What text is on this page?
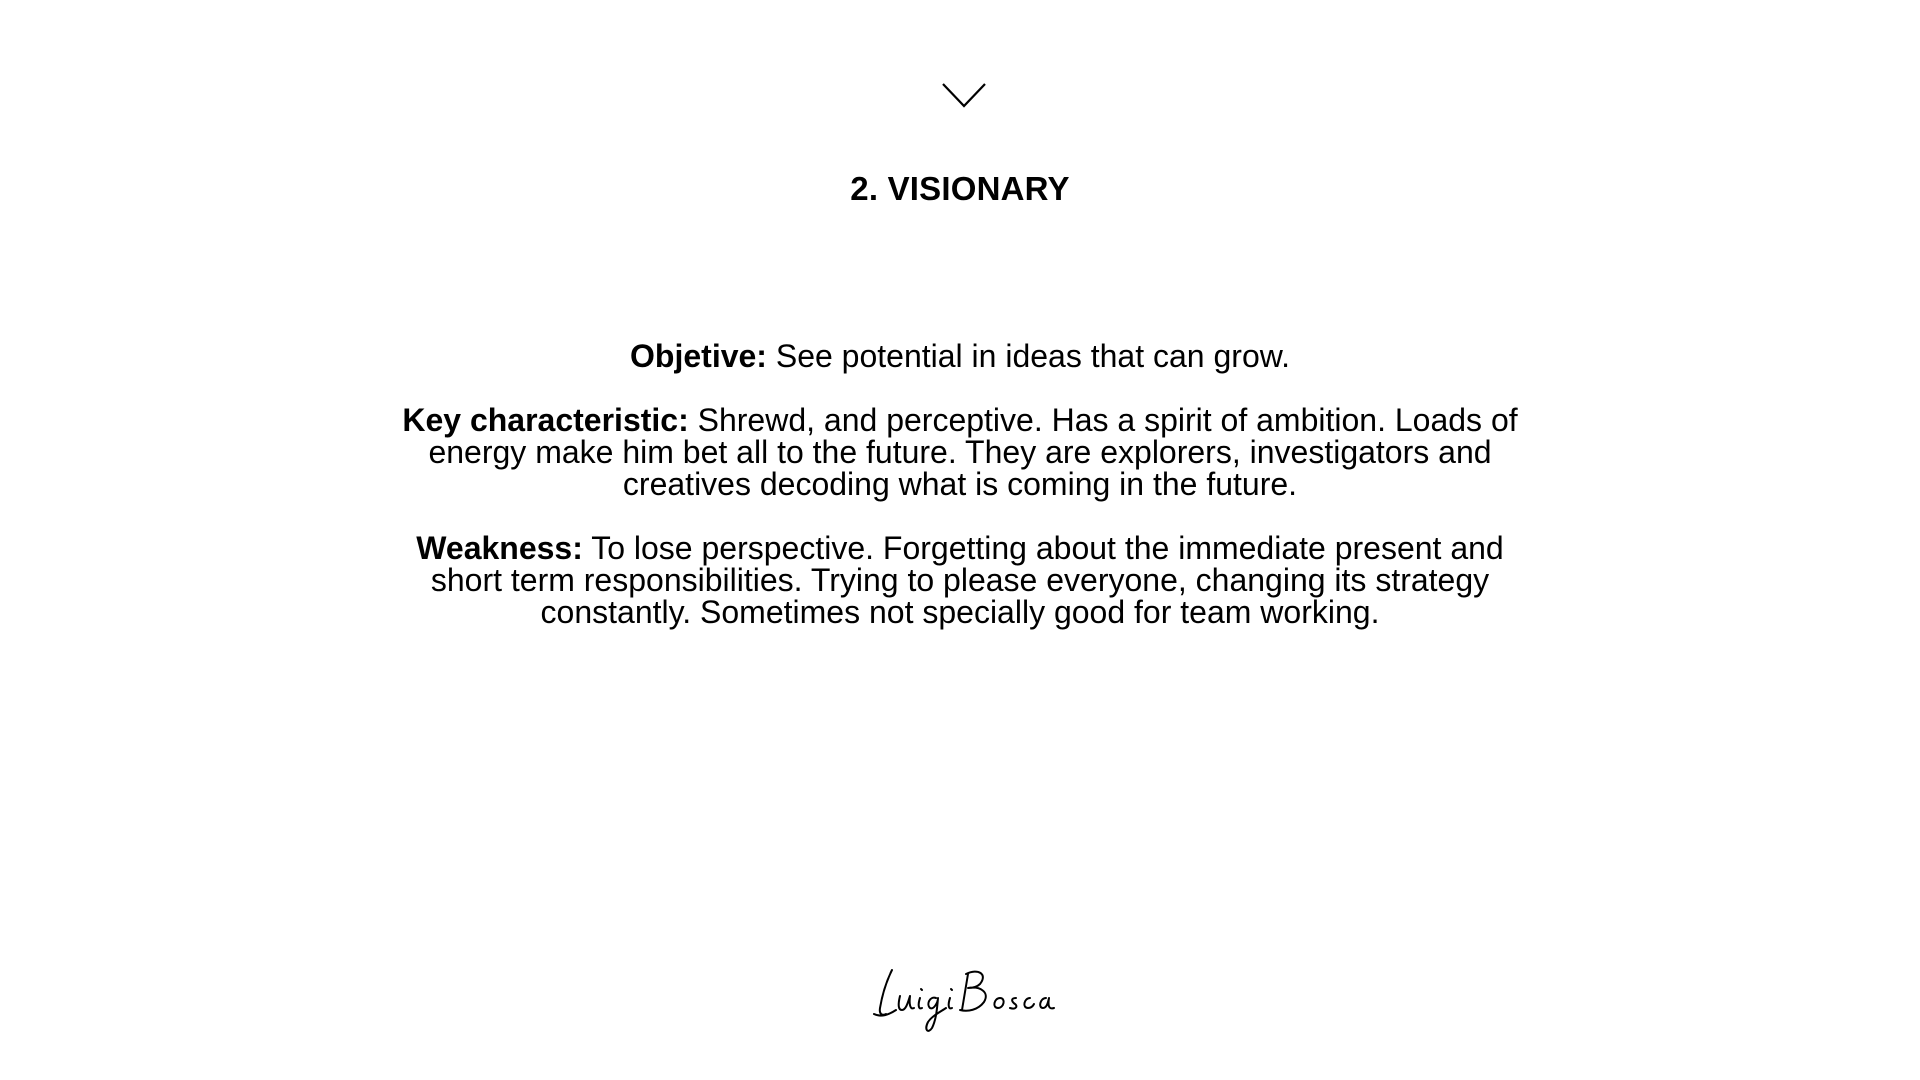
2. VISIONARY

Objetive: See potential in ideas that can grow.

Key characteristic: Shrewd, and perceptive. Has a spirit of ambition. Loads of energy make him bet all to the future. They are explorers, investigators and creatives decoding what is coming in the future.

Weakness: To lose perspective. Forgetting about the immediate present and short term responsibilities. Trying to please everyone, changing its strategy constantly. Sometimes not specially good for team working.
